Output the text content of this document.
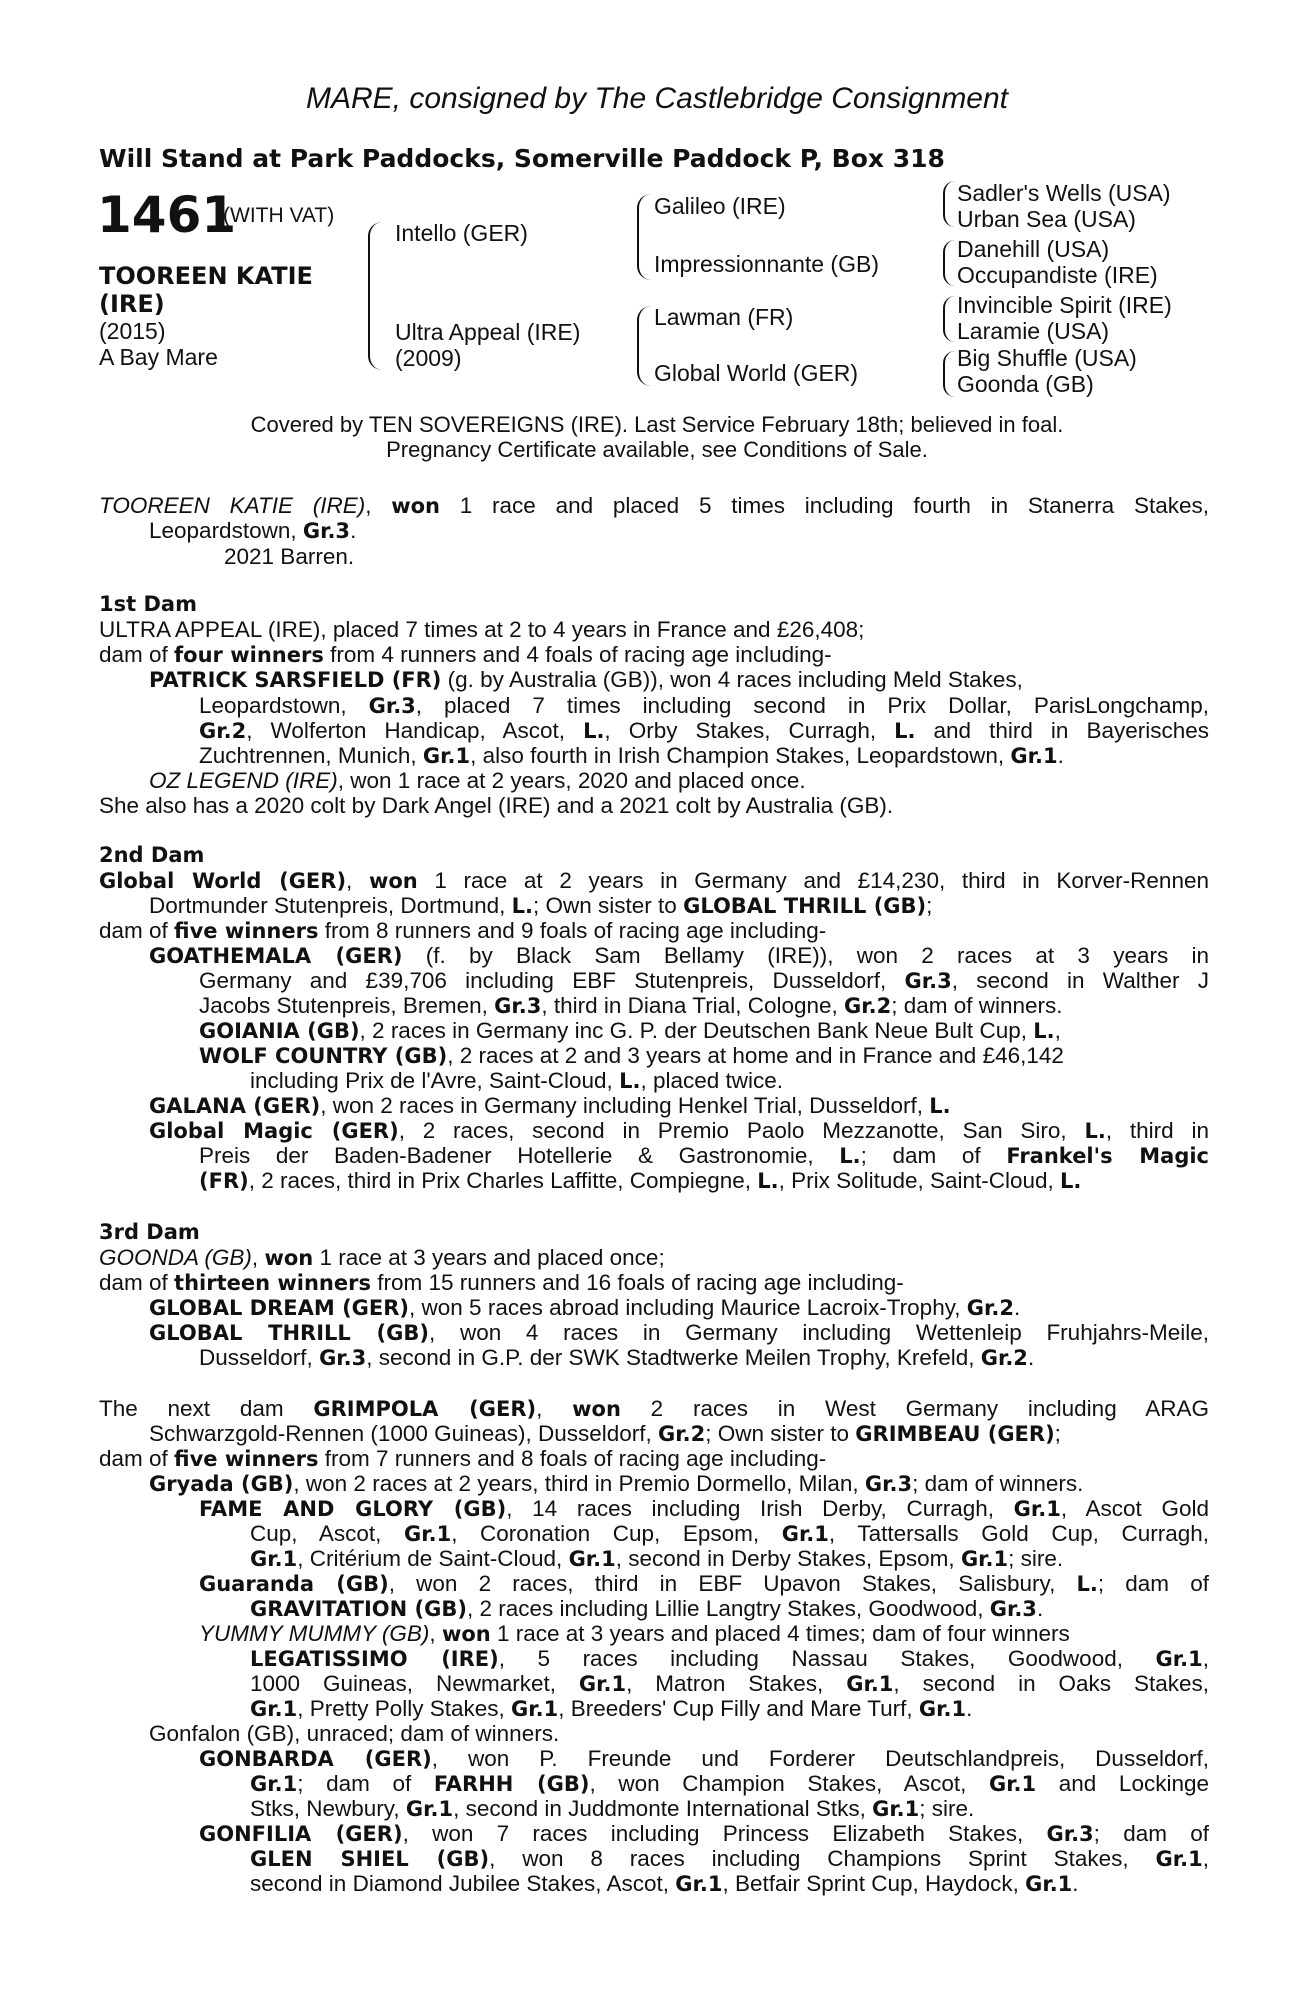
MARE, consigned by The Castlebridge Consignment
Will Stand at Park Paddocks, Somerville Paddock P, Box 318
1461
(WITH VAT)
TOOREEN KATIE
(IRE)
(2015)
A Bay Mare
Intello (GER)
Ultra Appeal (IRE)
(2009)
Galileo (IRE)
Impressionnante (GB)
Lawman (FR)
Global World (GER)
Sadler's Wells (USA)
Urban Sea (USA)
Danehill (USA)
Occupandiste (IRE)
Invincible Spirit (IRE)
Laramie (USA)
Big Shuffle (USA)
Goonda (GB)
Covered by TEN SOVEREIGNS (IRE). Last Service February 18th; believed in foal.
Pregnancy Certificate available, see Conditions of Sale.
TOOREEN KATIE (IRE), won 1 race and placed 5 times including fourth in Stanerra Stakes,
Leopardstown, Gr.3.
2021 Barren.
1st Dam
ULTRA APPEAL (IRE), placed 7 times at 2 to 4 years in France and £26,408;
dam of four winners from 4 runners and 4 foals of racing age including-
PATRICK SARSFIELD (FR) (g. by Australia (GB)), won 4 races including Meld Stakes,
Leopardstown, Gr.3, placed 7 times including second in Prix Dollar, ParisLongchamp,
Gr.2, Wolferton Handicap, Ascot, L., Orby Stakes, Curragh, L. and third in Bayerisches
Zuchtrennen, Munich, Gr.1, also fourth in Irish Champion Stakes, Leopardstown, Gr.1.
OZ LEGEND (IRE), won 1 race at 2 years, 2020 and placed once.
She also has a 2020 colt by Dark Angel (IRE) and a 2021 colt by Australia (GB).
2nd Dam
Global World (GER), won 1 race at 2 years in Germany and £14,230, third in Korver-Rennen
Dortmunder Stutenpreis, Dortmund, L.; Own sister to GLOBAL THRILL (GB);
dam of five winners from 8 runners and 9 foals of racing age including-
GOATHEMALA (GER) (f. by Black Sam Bellamy (IRE)), won 2 races at 3 years in
Germany and £39,706 including EBF Stutenpreis, Dusseldorf, Gr.3, second in Walther J
Jacobs Stutenpreis, Bremen, Gr.3, third in Diana Trial, Cologne, Gr.2; dam of winners.
GOIANIA (GB), 2 races in Germany inc G. P. der Deutschen Bank Neue Bult Cup, L.,
WOLF COUNTRY (GB), 2 races at 2 and 3 years at home and in France and £46,142
including Prix de l'Avre, Saint-Cloud, L., placed twice.
GALANA (GER), won 2 races in Germany including Henkel Trial, Dusseldorf, L.
Global Magic (GER), 2 races, second in Premio Paolo Mezzanotte, San Siro, L., third in
Preis der Baden-Badener Hotellerie & Gastronomie, L.; dam of Frankel's Magic
(FR), 2 races, third in Prix Charles Laffitte, Compiegne, L., Prix Solitude, Saint-Cloud, L.
3rd Dam
GOONDA (GB), won 1 race at 3 years and placed once;
dam of thirteen winners from 15 runners and 16 foals of racing age including-
GLOBAL DREAM (GER), won 5 races abroad including Maurice Lacroix-Trophy, Gr.2.
GLOBAL THRILL (GB), won 4 races in Germany including Wettenleip Fruhjahrs-Meile,
Dusseldorf, Gr.3, second in G.P. der SWK Stadtwerke Meilen Trophy, Krefeld, Gr.2.
The next dam GRIMPOLA (GER), won 2 races in West Germany including ARAG
Schwarzgold-Rennen (1000 Guineas), Dusseldorf, Gr.2; Own sister to GRIMBEAU (GER);
dam of five winners from 7 runners and 8 foals of racing age including-
Gryada (GB), won 2 races at 2 years, third in Premio Dormello, Milan, Gr.3; dam of winners.
FAME AND GLORY (GB), 14 races including Irish Derby, Curragh, Gr.1, Ascot Gold
Cup, Ascot, Gr.1, Coronation Cup, Epsom, Gr.1, Tattersalls Gold Cup, Curragh,
Gr.1, Critérium de Saint-Cloud, Gr.1, second in Derby Stakes, Epsom, Gr.1; sire.
Guaranda (GB), won 2 races, third in EBF Upavon Stakes, Salisbury, L.; dam of
GRAVITATION (GB), 2 races including Lillie Langtry Stakes, Goodwood, Gr.3.
YUMMY MUMMY (GB), won 1 race at 3 years and placed 4 times; dam of four winners
LEGATISSIMO (IRE), 5 races including Nassau Stakes, Goodwood, Gr.1,
1000 Guineas, Newmarket, Gr.1, Matron Stakes, Gr.1, second in Oaks Stakes,
Gr.1, Pretty Polly Stakes, Gr.1, Breeders' Cup Filly and Mare Turf, Gr.1.
Gonfalon (GB), unraced; dam of winners.
GONBARDA (GER), won P. Freunde und Forderer Deutschlandpreis, Dusseldorf,
Gr.1; dam of FARHH (GB), won Champion Stakes, Ascot, Gr.1 and Lockinge
Stks, Newbury, Gr.1, second in Juddmonte International Stks, Gr.1; sire.
GONFILIA (GER), won 7 races including Princess Elizabeth Stakes, Gr.3; dam of
GLEN SHIEL (GB), won 8 races including Champions Sprint Stakes, Gr.1,
second in Diamond Jubilee Stakes, Ascot, Gr.1, Betfair Sprint Cup, Haydock, Gr.1.
